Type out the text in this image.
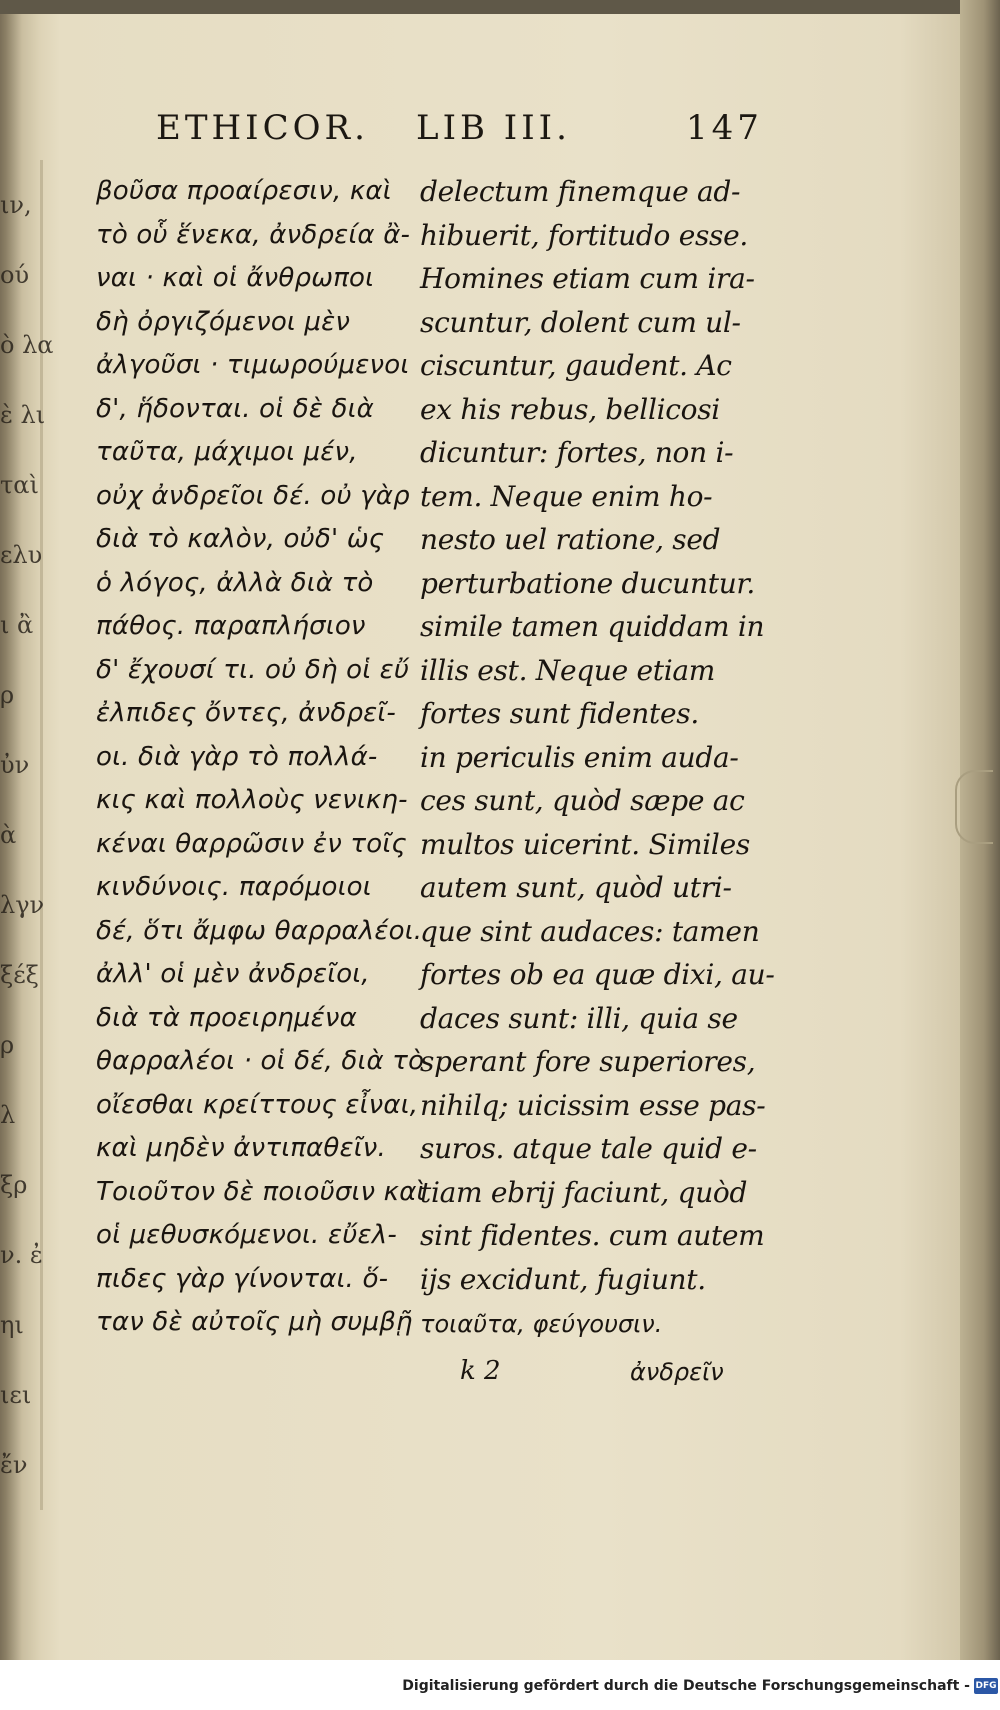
ιν,
ού
ὸ λα
ὲ λι
ταὶ
ελυ
ι ἂ
ρ
ὐν
ὰ
λγν
ξέξ
ρ
λ
ξρ
ν. ἐ
ηι
ιει
ἔν
ETHICOR. LIB III.	147
βοῦσα προαίρεσιν, καὶ
τὸ οὗ ἕνεκα, ἀνδρεία ἂ-
ναι · καὶ οἱ ἄνθρωποι
δὴ ὀργιζόμενοι μὲν
ἀλγοῦσι · τιμωρούμενοι
δ', ἥδονται. οἱ δὲ διὰ
ταῦτα, μάχιμοι μέν,
οὐχ ἀνδρεῖοι δέ. οὐ γὰρ
διὰ τὸ καλὸν, οὐδ' ὡς
ὁ λόγος, ἀλλὰ διὰ τὸ
πάθος. παραπλήσιον
δ' ἔχουσί τι. οὐ δὴ οἱ εὔ
ἐλπιδες ὄντες, ἀνδρεῖ-
οι. διὰ γὰρ τὸ πολλά-
κις καὶ πολλοὺς νενικη-
κέναι θαρρῶσιν ἐν τοῖς
κινδύνοις. παρόμοιοι
δέ, ὅτι ἄμφω θαρραλέοι.
ἀλλ' οἱ μὲν ἀνδρεῖοι,
διὰ τὰ προειρημένα
θαρραλέοι · οἱ δέ, διὰ τὸ
οἴεσθαι κρείττους εἶναι,
καὶ μηδὲν ἀντιπαθεῖν.
Τοιοῦτον δὲ ποιοῦσιν καὶ
οἱ μεθυσκόμενοι. εὔελ-
πιδες γὰρ γίνονται. ὅ-
ταν δὲ αὐτοῖς μὴ συμβῇ
delectum finemque ad-
hibuerit, fortitudo esse.
Homines etiam cum ira-
scuntur, dolent cum ul-
ciscuntur, gaudent. Ac
ex his rebus, bellicosi
dicuntur: fortes, non i-
tem. Neque enim ho-
nesto uel ratione, sed
perturbatione ducuntur.
simile tamen quiddam in
illis est. Neque etiam
fortes sunt fidentes.
in periculis enim auda-
ces sunt, quòd sæpe ac
multos uicerint. Similes
autem sunt, quòd utri-
que sint audaces: tamen
fortes ob ea quæ dixi, au-
daces sunt: illi, quia se
sperant fore superiores,
nihilq; uicissim esse pas-
suros. atque tale quid e-
tiam ebrij faciunt, quòd
sint fidentes. cum autem
ijs excidunt, fugiunt.
τοιαῦτα, φεύγουσιν.
k 2	ἀνδρεῖν
Digitalisierung gefördert durch die Deutsche Forschungsgemeinschaft - DFG
